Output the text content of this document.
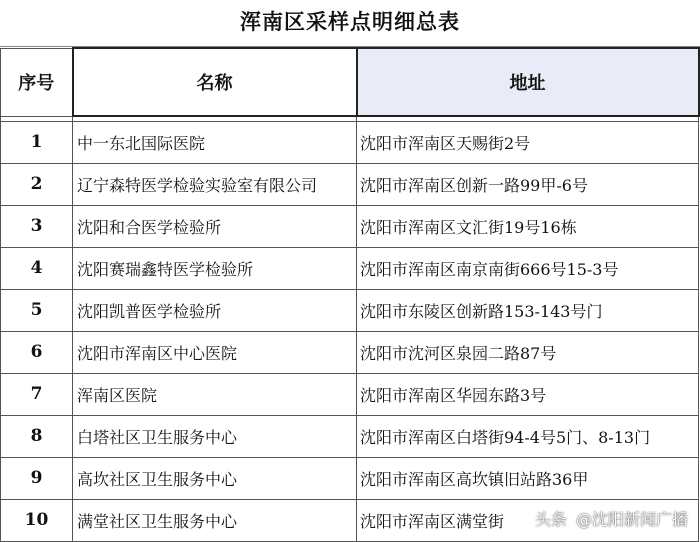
浑南区采样点明细总表
序号	名称	地址

1	中一东北国际医院	沈阳市浑南区天赐街2号
2	辽宁森特医学检验实验室有限公司	沈阳市浑南区创新一路99甲-6号
3	沈阳和合医学检验所	沈阳市浑南区文汇街19号16栋
4	沈阳赛瑞鑫特医学检验所	沈阳市浑南区南京南街666号15-3号
5	沈阳凯普医学检验所	沈阳市东陵区创新路153-143号门
6	沈阳市浑南区中心医院	沈阳市沈河区泉园二路87号
7	浑南区医院	沈阳市浑南区华园东路3号
8	白塔社区卫生服务中心	沈阳市浑南区白塔街94-4号5门、8-13门
9	高坎社区卫生服务中心	沈阳市浑南区高坎镇旧站路36甲
10	满堂社区卫生服务中心	沈阳市浑南区满堂街 头条 @沈阳新闻广播
